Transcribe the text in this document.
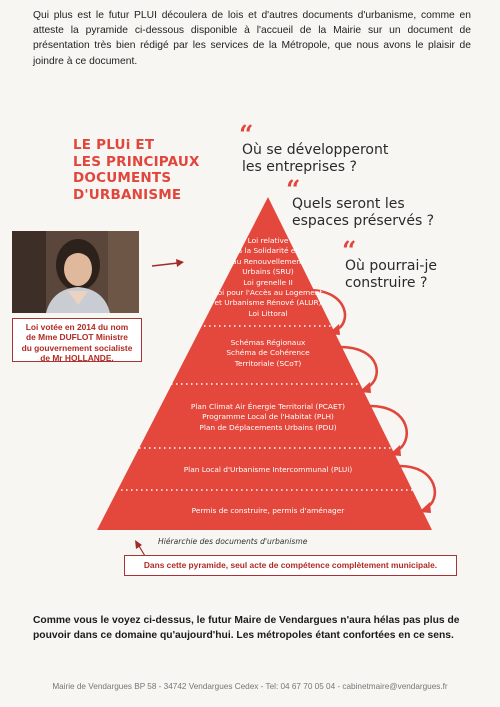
Qui plus est le futur PLUI découlera de lois et d'autres documents d'urbanisme, comme en atteste la pyramide ci-dessous disponible à l'accueil de la Mairie sur un document de présentation très bien rédigé par les services de la Métropole, que nous avons le plaisir de joindre à ce document.

LE PLUi ET
LES PRINCIPAUX
DOCUMENTS
D'URBANISME
“
Où se développeront
les entreprises ?
“
Quels seront les
espaces préservés ?
“
Où pourrai-je
construire ?
Loi relative
à la Solidarité et
au Renouvellement
Urbains (SRU)
Loi grenelle II
Loi pour l'Accès au Logement
et Urbanisme Rénové (ALUR)
Loi Littoral
Schémas Régionaux
Schéma de Cohérence
Territoriale (SCoT)
Plan Climat Air Énergie Territorial (PCAET)
Programme Local de l'Habitat (PLH)
Plan de Déplacements Urbains (PDU)
Plan Local d'Urbanisme Intercommunal (PLUi)
Permis de construire, permis d'aménager
Hiérarchie des documents d'urbanisme
Loi votée en 2014 du nom
de Mme DUFLOT Ministre
du gouvernement socialiste
de Mr HOLLANDE.
Dans cette pyramide, seul acte de compétence complètement municipale.

Comme vous le voyez ci-dessus, le futur Maire de Vendargues n'aura hélas pas plus de pouvoir dans ce domaine qu'aujourd'hui. Les métropoles étant confortées en ce sens.

Mairie de Vendargues BP 58 - 34742 Vendargues Cedex - Tel: 04 67 70 05 04 - cabinetmaire@vendargues.fr
